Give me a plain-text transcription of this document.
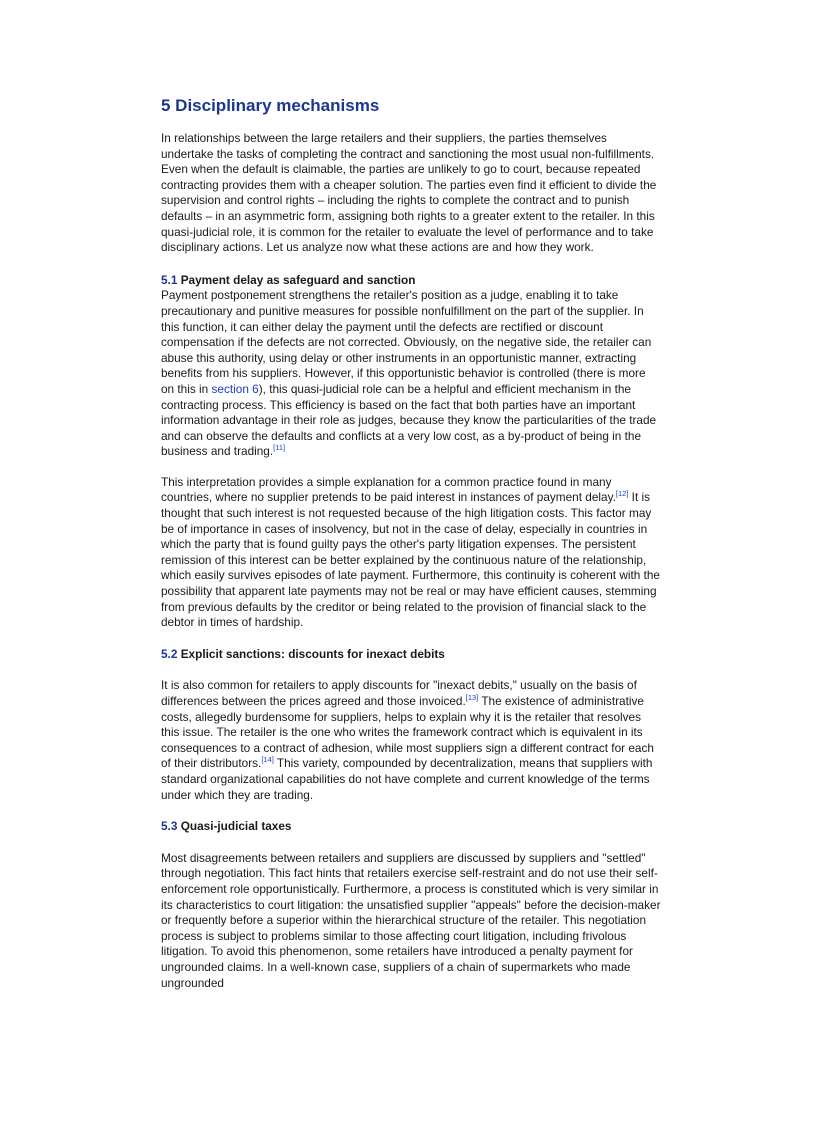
5 Disciplinary mechanisms

In relationships between the large retailers and their suppliers, the parties themselves undertake the tasks of completing the contract and sanctioning the most usual non-fulfillments. Even when the default is claimable, the parties are unlikely to go to court, because repeated contracting provides them with a cheaper solution. The parties even find it efficient to divide the supervision and control rights – including the rights to complete the contract and to punish defaults – in an asymmetric form, assigning both rights to a greater extent to the retailer. In this quasi-judicial role, it is common for the retailer to evaluate the level of performance and to take disciplinary actions. Let us analyze now what these actions are and how they work.

5.1 Payment delay as safeguard and sanction

Payment postponement strengthens the retailer's position as a judge, enabling it to take precautionary and punitive measures for possible nonfulfillment on the part of the supplier. In this function, it can either delay the payment until the defects are rectified or discount compensation if the defects are not corrected. Obviously, on the negative side, the retailer can abuse this authority, using delay or other instruments in an opportunistic manner, extracting benefits from his suppliers. However, if this opportunistic behavior is controlled (there is more on this in section 6), this quasi-judicial role can be a helpful and efficient mechanism in the contracting process. This efficiency is based on the fact that both parties have an important information advantage in their role as judges, because they know the particularities of the trade and can observe the defaults and conflicts at a very low cost, as a by-product of being in the business and trading.[11]

This interpretation provides a simple explanation for a common practice found in many countries, where no supplier pretends to be paid interest in instances of payment delay.[12] It is thought that such interest is not requested because of the high litigation costs. This factor may be of importance in cases of insolvency, but not in the case of delay, especially in countries in which the party that is found guilty pays the other's party litigation expenses. The persistent remission of this interest can be better explained by the continuous nature of the relationship, which easily survives episodes of late payment. Furthermore, this continuity is coherent with the possibility that apparent late payments may not be real or may have efficient causes, stemming from previous defaults by the creditor or being related to the provision of financial slack to the debtor in times of hardship.

5.2 Explicit sanctions: discounts for inexact debits

It is also common for retailers to apply discounts for "inexact debits," usually on the basis of differences between the prices agreed and those invoiced.[13] The existence of administrative costs, allegedly burdensome for suppliers, helps to explain why it is the retailer that resolves this issue. The retailer is the one who writes the framework contract which is equivalent in its consequences to a contract of adhesion, while most suppliers sign a different contract for each of their distributors.[14] This variety, compounded by decentralization, means that suppliers with standard organizational capabilities do not have complete and current knowledge of the terms under which they are trading.

5.3 Quasi-judicial taxes

Most disagreements between retailers and suppliers are discussed by suppliers and "settled" through negotiation. This fact hints that retailers exercise self-restraint and do not use their self-enforcement role opportunistically. Furthermore, a process is constituted which is very similar in its characteristics to court litigation: the unsatisfied supplier "appeals" before the decision-maker or frequently before a superior within the hierarchical structure of the retailer. This negotiation process is subject to problems similar to those affecting court litigation, including frivolous litigation. To avoid this phenomenon, some retailers have introduced a penalty payment for ungrounded claims. In a well-known case, suppliers of a chain of supermarkets who made ungrounded
